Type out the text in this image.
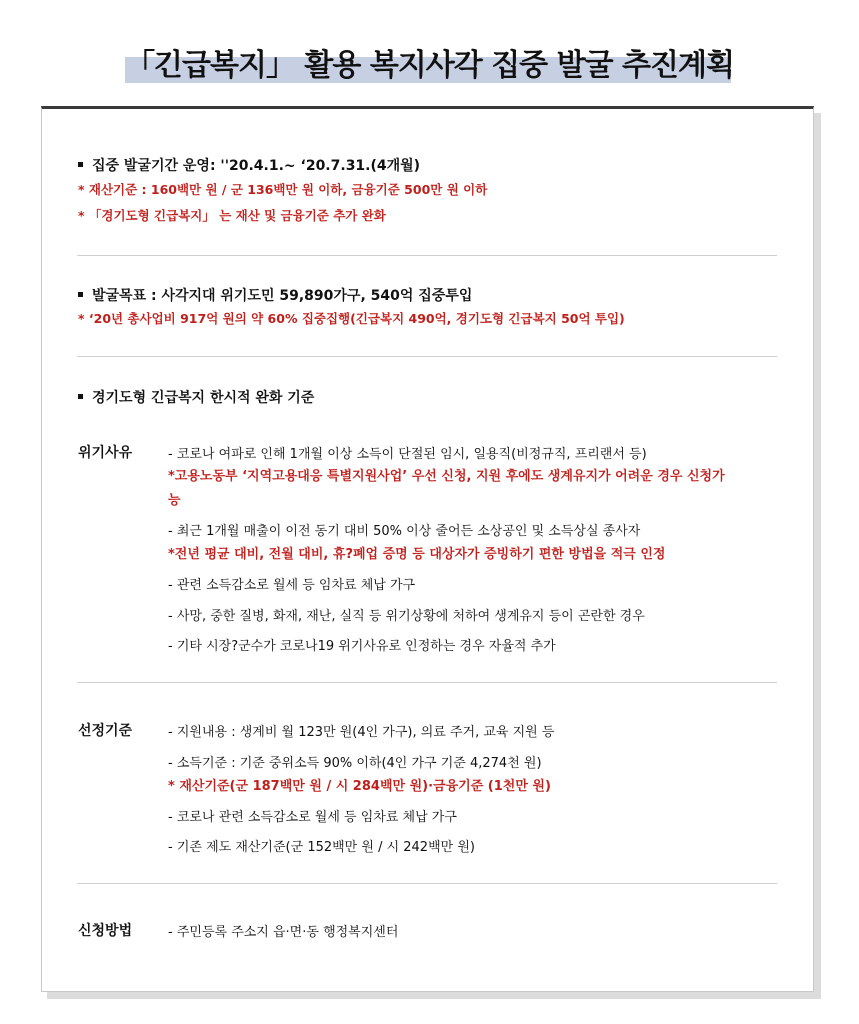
「긴급복지」 활용 복지사각 집중 발굴 추진계획
집중 발굴기간 운영: ''20.4.1.~ ‘20.7.31.(4개월)
* 재산기준 : 160백만 원 / 군 136백만 원 이하, 금융기준 500만 원 이하
* 「경기도형 긴급복지」 는 재산 및 금융기준 추가 완화
발굴목표 : 사각지대 위기도민 59,890가구, 540억 집중투입
* ‘20년 총사업비 917억 원의 약 60% 집중집행(긴급복지 490억, 경기도형 긴급복지 50억 투입)
경기도형 긴급복지 한시적 완화 기준
위기사유	- 코로나 여파로 인해 1개월 이상 소득이 단절된 임시, 일용직(비정규직, 프리랜서 등)
*고용노동부 ‘지역고용대응 특별지원사업’ 우선 신청, 지원 후에도 생계유지가 어려운 경우 신청가
능
- 최근 1개월 매출이 이전 동기 대비 50% 이상 줄어든 소상공인 및 소득상실 종사자
*전년 평균 대비, 전월 대비, 휴?폐업 증명 등 대상자가 증빙하기 편한 방법을 적극 인정
- 관련 소득감소로 월세 등 임차료 체납 가구
- 사망, 중한 질병, 화재, 재난, 실직 등 위기상황에 처하여 생계유지 등이 곤란한 경우
- 기타 시장?군수가 코로나19 위기사유로 인정하는 경우 자율적 추가
선정기준	- 지원내용 : 생계비 월 123만 원(4인 가구), 의료 주거, 교육 지원 등
- 소득기준 : 기준 중위소득 90% 이하(4인 가구 기준 4,274천 원)
* 재산기준(군 187백만 원 / 시 284백만 원)·금융기준 (1천만 원)
- 코로나 관련 소득감소로 월세 등 임차료 체납 가구
- 기존 제도 재산기준(군 152백만 원 / 시 242백만 원)
신청방법	- 주민등록 주소지 읍·면·동 행정복지센터
